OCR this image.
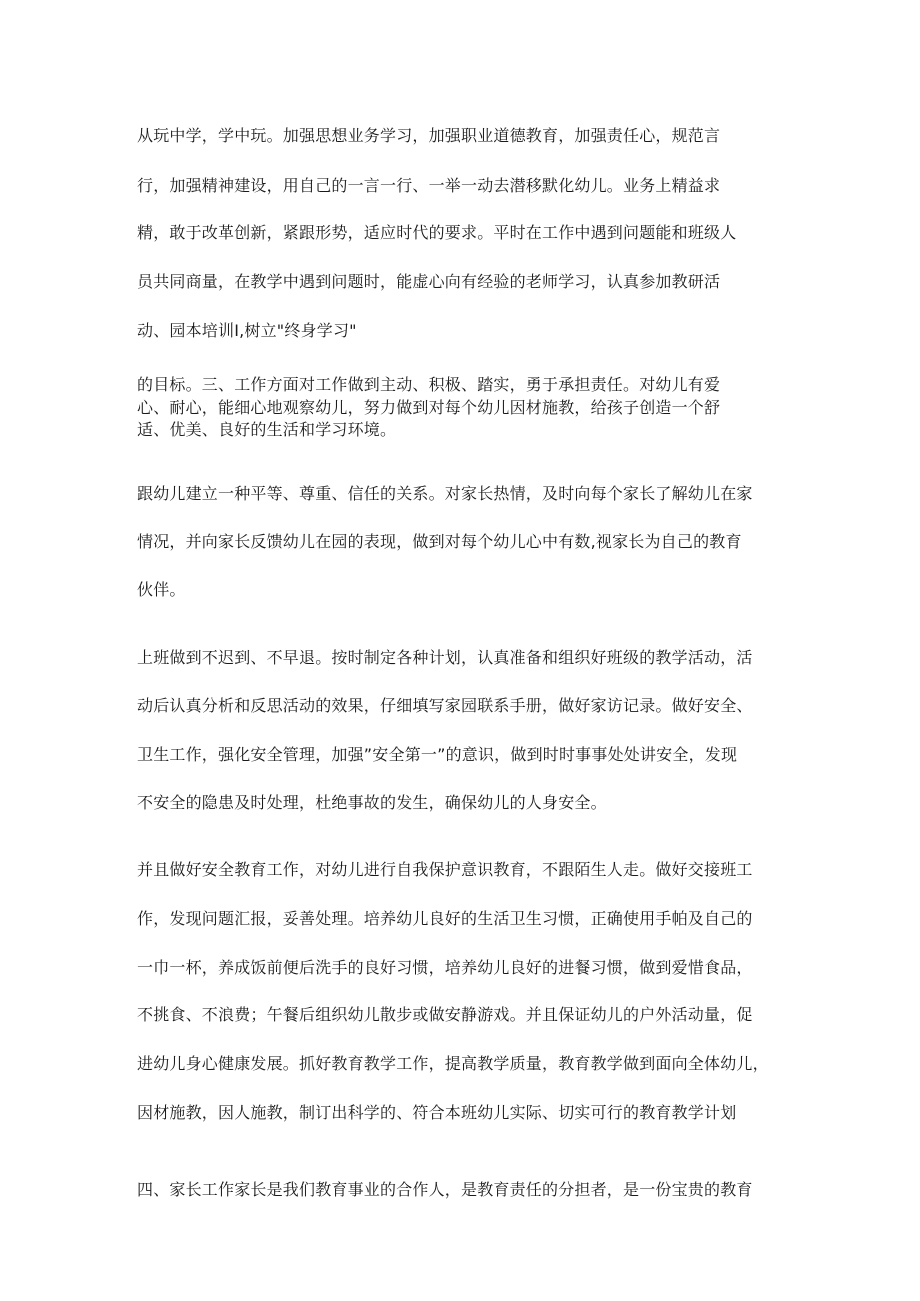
从玩中学，学中玩。加强思想业务学习，加强职业道德教育，加强责任心，规范言
行，加强精神建设，用自己的一言一行、一举一动去潜移默化幼儿。业务上精益求
精，敢于改革创新，紧跟形势，适应时代的要求。平时在工作中遇到问题能和班级人
员共同商量，在教学中遇到问题时，能虚心向有经验的老师学习，认真参加教研活
动、园本培训Ⅰ,树立"终身学习"
的目标。三、工作方面对工作做到主动、积极、踏实，勇于承担责任。对幼儿有爱
心、耐心，能细心地观察幼儿，努力做到对每个幼儿因材施教，给孩子创造一个舒
适、优美、良好的生活和学习环境。
跟幼儿建立一种平等、尊重、信任的关系。对家长热情，及时向每个家长了解幼儿在家
情况，并向家长反馈幼儿在园的表现，做到对每个幼儿心中有数,视家长为自己的教育
伙伴。
上班做到不迟到、不早退。按时制定各种计划，认真准备和组织好班级的教学活动，活
动后认真分析和反思活动的效果，仔细填写家园联系手册，做好家访记录。做好安全、
卫生工作，强化安全管理，加强”安全第一”的意识，做到时时事事处处讲安全，发现
不安全的隐患及时处理，杜绝事故的发生，确保幼儿的人身安全。
并且做好安全教育工作，对幼儿进行自我保护意识教育，不跟陌生人走。做好交接班工
作，发现问题汇报，妥善处理。培养幼儿良好的生活卫生习惯，正确使用手帕及自己的
一巾一杯，养成饭前便后洗手的良好习惯，培养幼儿良好的进餐习惯，做到爱惜食品，
不挑食、不浪费；午餐后组织幼儿散步或做安静游戏。并且保证幼儿的户外活动量，促
进幼儿身心健康发展。抓好教育教学工作，提高教学质量，教育教学做到面向全体幼儿，
因材施教，因人施教，制订出科学的、符合本班幼儿实际、切实可行的教育教学计划
四、家长工作家长是我们教育事业的合作人，是教育责任的分担者，是一份宝贵的教育
